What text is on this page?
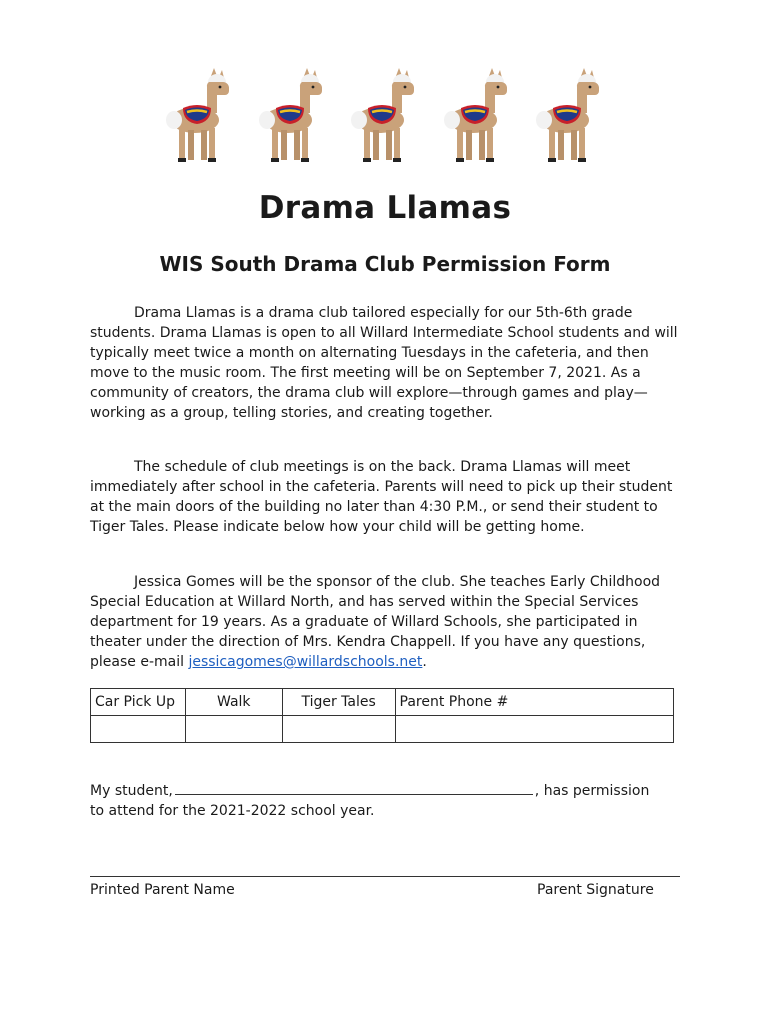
Drama Llamas
WIS South Drama Club Permission Form

Drama Llamas is a drama club tailored especially for our 5th-6th grade students. Drama Llamas is open to all Willard Intermediate School students and will typically meet twice a month on alternating Tuesdays in the cafeteria, and then move to the music room. The first meeting will be on September 7, 2021. As a community of creators, the drama club will explore—through games and play— working as a group, telling stories, and creating together.

The schedule of club meetings is on the back. Drama Llamas will meet immediately after school in the cafeteria. Parents will need to pick up their student at the main doors of the building no later than 4:30 P.M., or send their student to Tiger Tales. Please indicate below how your child will be getting home.

Jessica Gomes will be the sponsor of the club. She teaches Early Childhood Special Education at Willard North, and has served within the Special Services department for 19 years. As a graduate of Willard Schools, she participated in theater under the direction of Mrs. Kendra Chappell. If you have any questions, please e-mail jessicagomes@willardschools.net.

Car Pick Up	Walk	Tiger Tales	Parent Phone #

My student,	, has permission
to attend for the 2021-2022 school year.

Printed Parent Name	Parent Signature
